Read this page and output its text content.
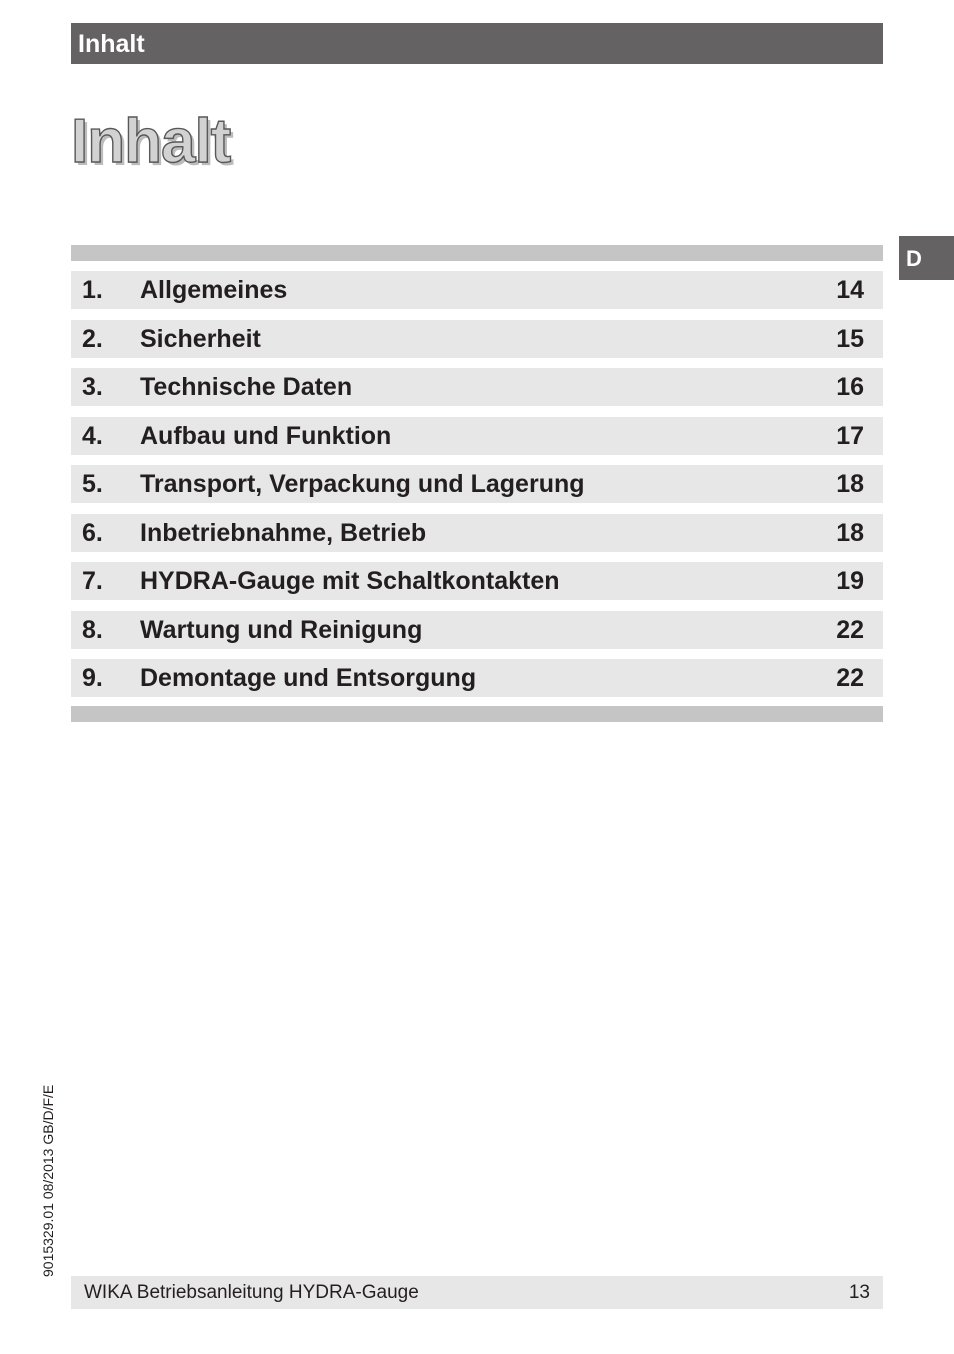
Inhalt
Inhalt
D
1. Allgemeines	14
2. Sicherheit	15
3. Technische Daten	16
4. Aufbau und Funktion	17
5. Transport, Verpackung und Lagerung	18
6. Inbetriebnahme, Betrieb	18
7. HYDRA-Gauge mit Schaltkontakten	19
8. Wartung und Reinigung	22
9. Demontage und Entsorgung	22
9015329.01 08/2013 GB/D/F/E
WIKA Betriebsanleitung HYDRA-Gauge	13
